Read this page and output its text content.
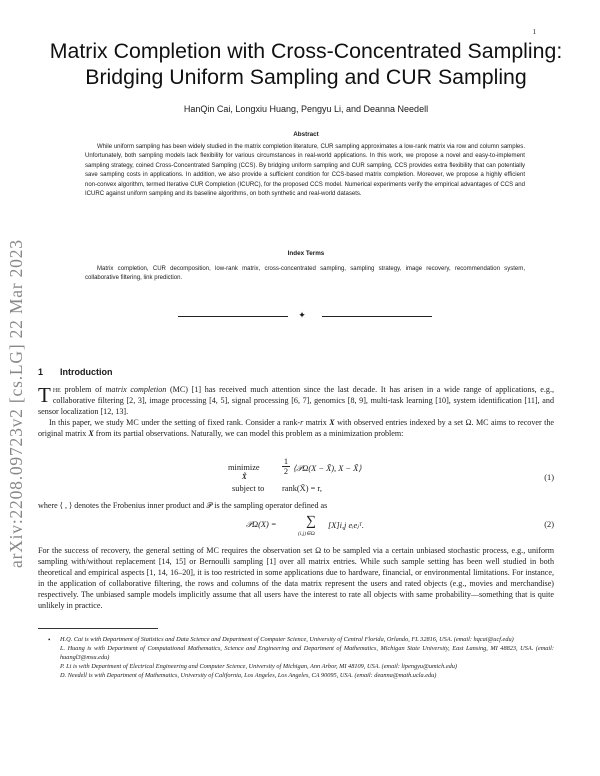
1
arXiv:2208.09723v2 [cs.LG] 22 Mar 2023
Matrix Completion with Cross-Concentrated Sampling:
Bridging Uniform Sampling and CUR Sampling
HanQin Cai, Longxiu Huang, Pengyu Li, and Deanna Needell
Abstract
While uniform sampling has been widely studied in the matrix completion literature, CUR sampling approximates a low-rank matrix via row and column samples. Unfortunately, both sampling models lack flexibility for various circumstances in real-world applications. In this work, we propose a novel and easy-to-implement sampling strategy, coined Cross-Concentrated Sampling (CCS). By bridging uniform sampling and CUR sampling, CCS provides extra flexibility that can potentially save sampling costs in applications. In addition, we also provide a sufficient condition for CCS-based matrix completion. Moreover, we propose a highly efficient non-convex algorithm, termed Iterative CUR Completion (ICURC), for the proposed CCS model. Numerical experiments verify the empirical advantages of CCS and ICURC against uniform sampling and its baseline algorithms, on both synthetic and real-world datasets.
Index Terms
Matrix completion, CUR decomposition, low-rank matrix, cross-concentrated sampling, sampling strategy, image recovery, recommendation system, collaborative filtering, link prediction.
✦
1 Introduction
The problem of matrix completion (MC) [1] has received much attention since the last decade. It has arisen in a wide range of applications, e.g., collaborative filtering [2, 3], image processing [4, 5], signal processing [6, 7], genomics [8, 9], multi-task learning [10], system identification [11], and sensor localization [12, 13].
In this paper, we study MC under the setting of fixed rank. Consider a rank-r matrix X with observed entries indexed by a set Ω. MC aims to recover the original matrix X from its partial observations. Naturally, we can model this problem as a minimization problem:
minimize
X̃
$\frac{1}{2}$ ⟨𝒫Ω(X − X̃), X − X̃⟩
subject to rank(X̃) = r,
(1)
where ⟨ , ⟩ denotes the Frobenius inner product and 𝒫 is the sampling operator defined as
𝒫Ω(X) = ∑
(i,j)∈Ω
[X]i,j eᵢeⱼᵀ.	(2)
For the success of recovery, the general setting of MC requires the observation set Ω to be sampled via a certain unbiased stochastic process, e.g., uniform sampling with/without replacement [14, 15] or Bernoulli sampling [1] over all matrix entries. While such sample setting has been well studied in both theoretical and empirical aspects [1, 14, 16–20], it is too restricted in some applications due to hardware, financial, or environmental limitations. For instance, in the application of collaborative filtering, the rows and columns of the data matrix represent the users and rated objects (e.g., movies and merchandise) respectively. The unbiased sample models implicitly assume that all users have the interest to rate all objects with same probability—something that is quite unlikely in practice.
• H.Q. Cai is with Department of Statistics and Data Science and Department of Computer Science, University of Central Florida, Orlando, FL 32816, USA. (email: hqcai@ucf.edu)
L. Huang is with Department of Computational Mathematics, Science and Engineering and Department of Mathematics, Michigan State University, East Lansing, MI 48823, USA. (email: huangl3@msu.edu)
P. Li is with Department of Electrical Engineering and Computer Science, University of Michigan, Ann Arbor, MI 48109, USA. (email: lipengyu@umich.edu)
D. Needell is with Department of Mathematics, University of California, Los Angeles, Los Angeles, CA 90095, USA. (email: deanna@math.ucla.edu)
